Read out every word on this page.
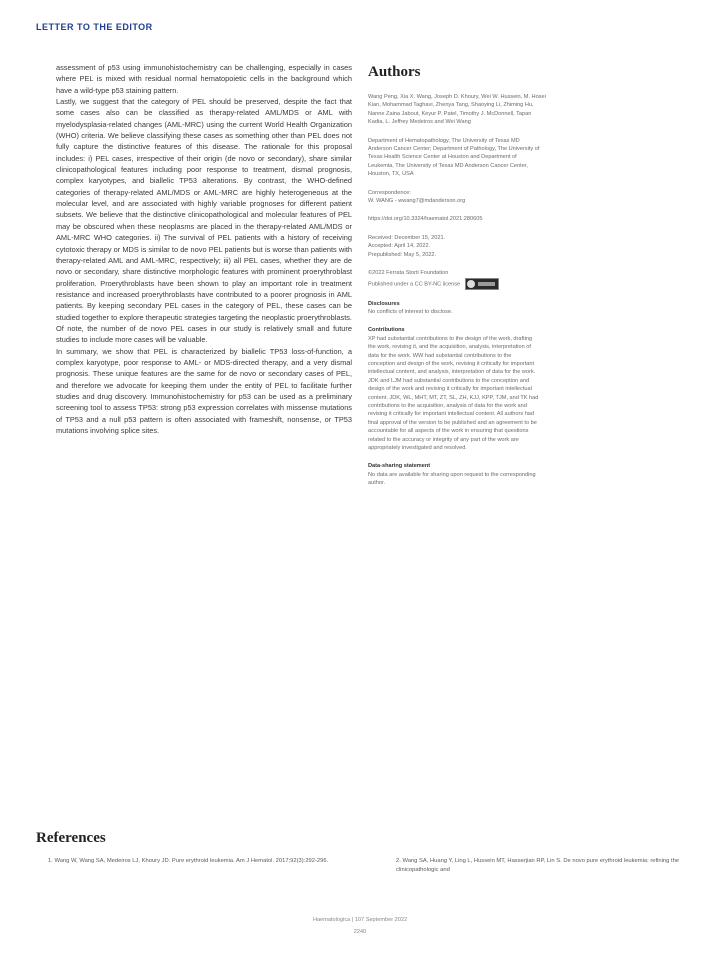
LETTER TO THE EDITOR

assessment of p53 using immunohistochemistry can be challenging, especially in cases where PEL is mixed with residual normal hematopoietic cells in the background which have a wild-type p53 staining pattern.

Lastly, we suggest that the category of PEL should be preserved, despite the fact that some cases also can be classified as therapy-related AML/MDS or AML with myelodysplasia-related changes (AML-MRC) using the current World Health Organization (WHO) criteria. We believe classifying these cases as something other than PEL does not fully capture the distinctive features of this disease. The rationale for this proposal includes: i) PEL cases, irrespective of their origin (de novo or secondary), share similar clinicopathological features including poor response to treatment, dismal prognosis, complex karyotypes, and biallelic TP53 alterations. By contrast, the WHO-defined categories of therapy-related AML/MDS or AML-MRC are highly heterogeneous at the molecular level, and are associated with highly variable prognoses for different patient subsets. We believe that the distinctive clinicopathological and molecular features of PEL may be obscured when these neoplasms are placed in the therapy-related AML/MDS or AML-MRC WHO categories. ii) The survival of PEL patients with a history of receiving cytotoxic therapy or MDS is similar to de novo PEL patients but is worse than patients with therapy-related AML and AML-MRC, respectively; iii) all PEL cases, whether they are de novo or secondary, share distinctive morphologic features with prominent proerythroblast proliferation. Proerythroblasts have been shown to play an important role in treatment resistance and increased proerythroblasts have contributed to a poorer prognosis in AML patients. By keeping secondary PEL cases in the category of PEL, these cases can be studied together to explore therapeutic strategies targeting the neoplastic proerythroblasts. Of note, the number of de novo PEL cases in our study is relatively small and future studies to include more cases will be valuable.

In summary, we show that PEL is characterized by biallelic TP53 loss-of-function, a complex karyotype, poor response to AML- or MDS-directed therapy, and a very dismal prognosis. These unique features are the same for de novo or secondary cases of PEL, and therefore we advocate for keeping them under the entity of PEL to facilitate further studies and drug discovery. Immunohistochemistry for p53 can be used as a preliminary screening tool to assess TP53: strong p53 expression correlates with missense mutations of TP53 and a null p53 pattern is often associated with frameshift, nonsense, or TP53 mutations involving splice sites.

Authors
Wang Peng, Xia X. Wang, Joseph D. Khoury, Wei W. Hussein, M. Hosei
Kian, Mohammad Taghavi, Zhenya Tang, Shaoying Li, Zhiming Hu,
Nanne Zaina Jabout, Keyur P. Patel, Timothy J. McDonnell, Tapan
Kadia, L. Jeffrey Medeiros and Wei Wang
Department of Hematopathology, The University of Texas MD
Anderson Cancer Center; Department of Pathology, The University of
Texas Health Science Center at Houston and Department of
Leukemia, The University of Texas MD Anderson Cancer Center,
Houston, TX, USA
Correspondence:
W. WANG - wwang7@mdanderson.org
https://doi.org/10.3324/haematol.2021.280605
Received: December 15, 2021.
Accepted: April 14, 2022.
Prepublished: May 5, 2022.
©2022 Ferrata Storti Foundation
Published under a CC BY-NC license
Disclosures
No conflicts of interest to disclose.
Contributions
XP had substantial contributions to the design of the work, drafting
the work, revising it, and the acquisition, analysis, interpretation of
data for the work. WW had substantial contributions to the
conception and design of the work, revising it critically for important
intellectual content, and analysis, interpretation of data for the work.
JDK and LJM had substantial contributions to the conception and
design of the work and revising it critically for important intellectual
content. JDK, WL, MHT, MT, ZT, SL, ZH, KJJ, KPP, TJM, and TK had
contributions to the acquisition, analysis of data for the work and
revising it critically for important intellectual content. All authors had
final approval of the version to be published and an agreement to be
accountable for all aspects of the work in ensuring that questions
related to the accuracy or integrity of any part of the work are
appropriately investigated and resolved.
Data-sharing statement
No data are available for sharing upon request to the corresponding
author.
References
1. Wang W, Wang SA, Medeiros LJ, Khoury JD. Pure erythroid leukemia. Am J Hematol. 2017;92(3):292-296.	2. Wang SA, Huang Y, Ling L, Hussein MT, Hasserjian RP, Lin S. De novo pure erythroid leukemia: refining the clinicopathologic and
Haematologica | 107 September 2022
2240
